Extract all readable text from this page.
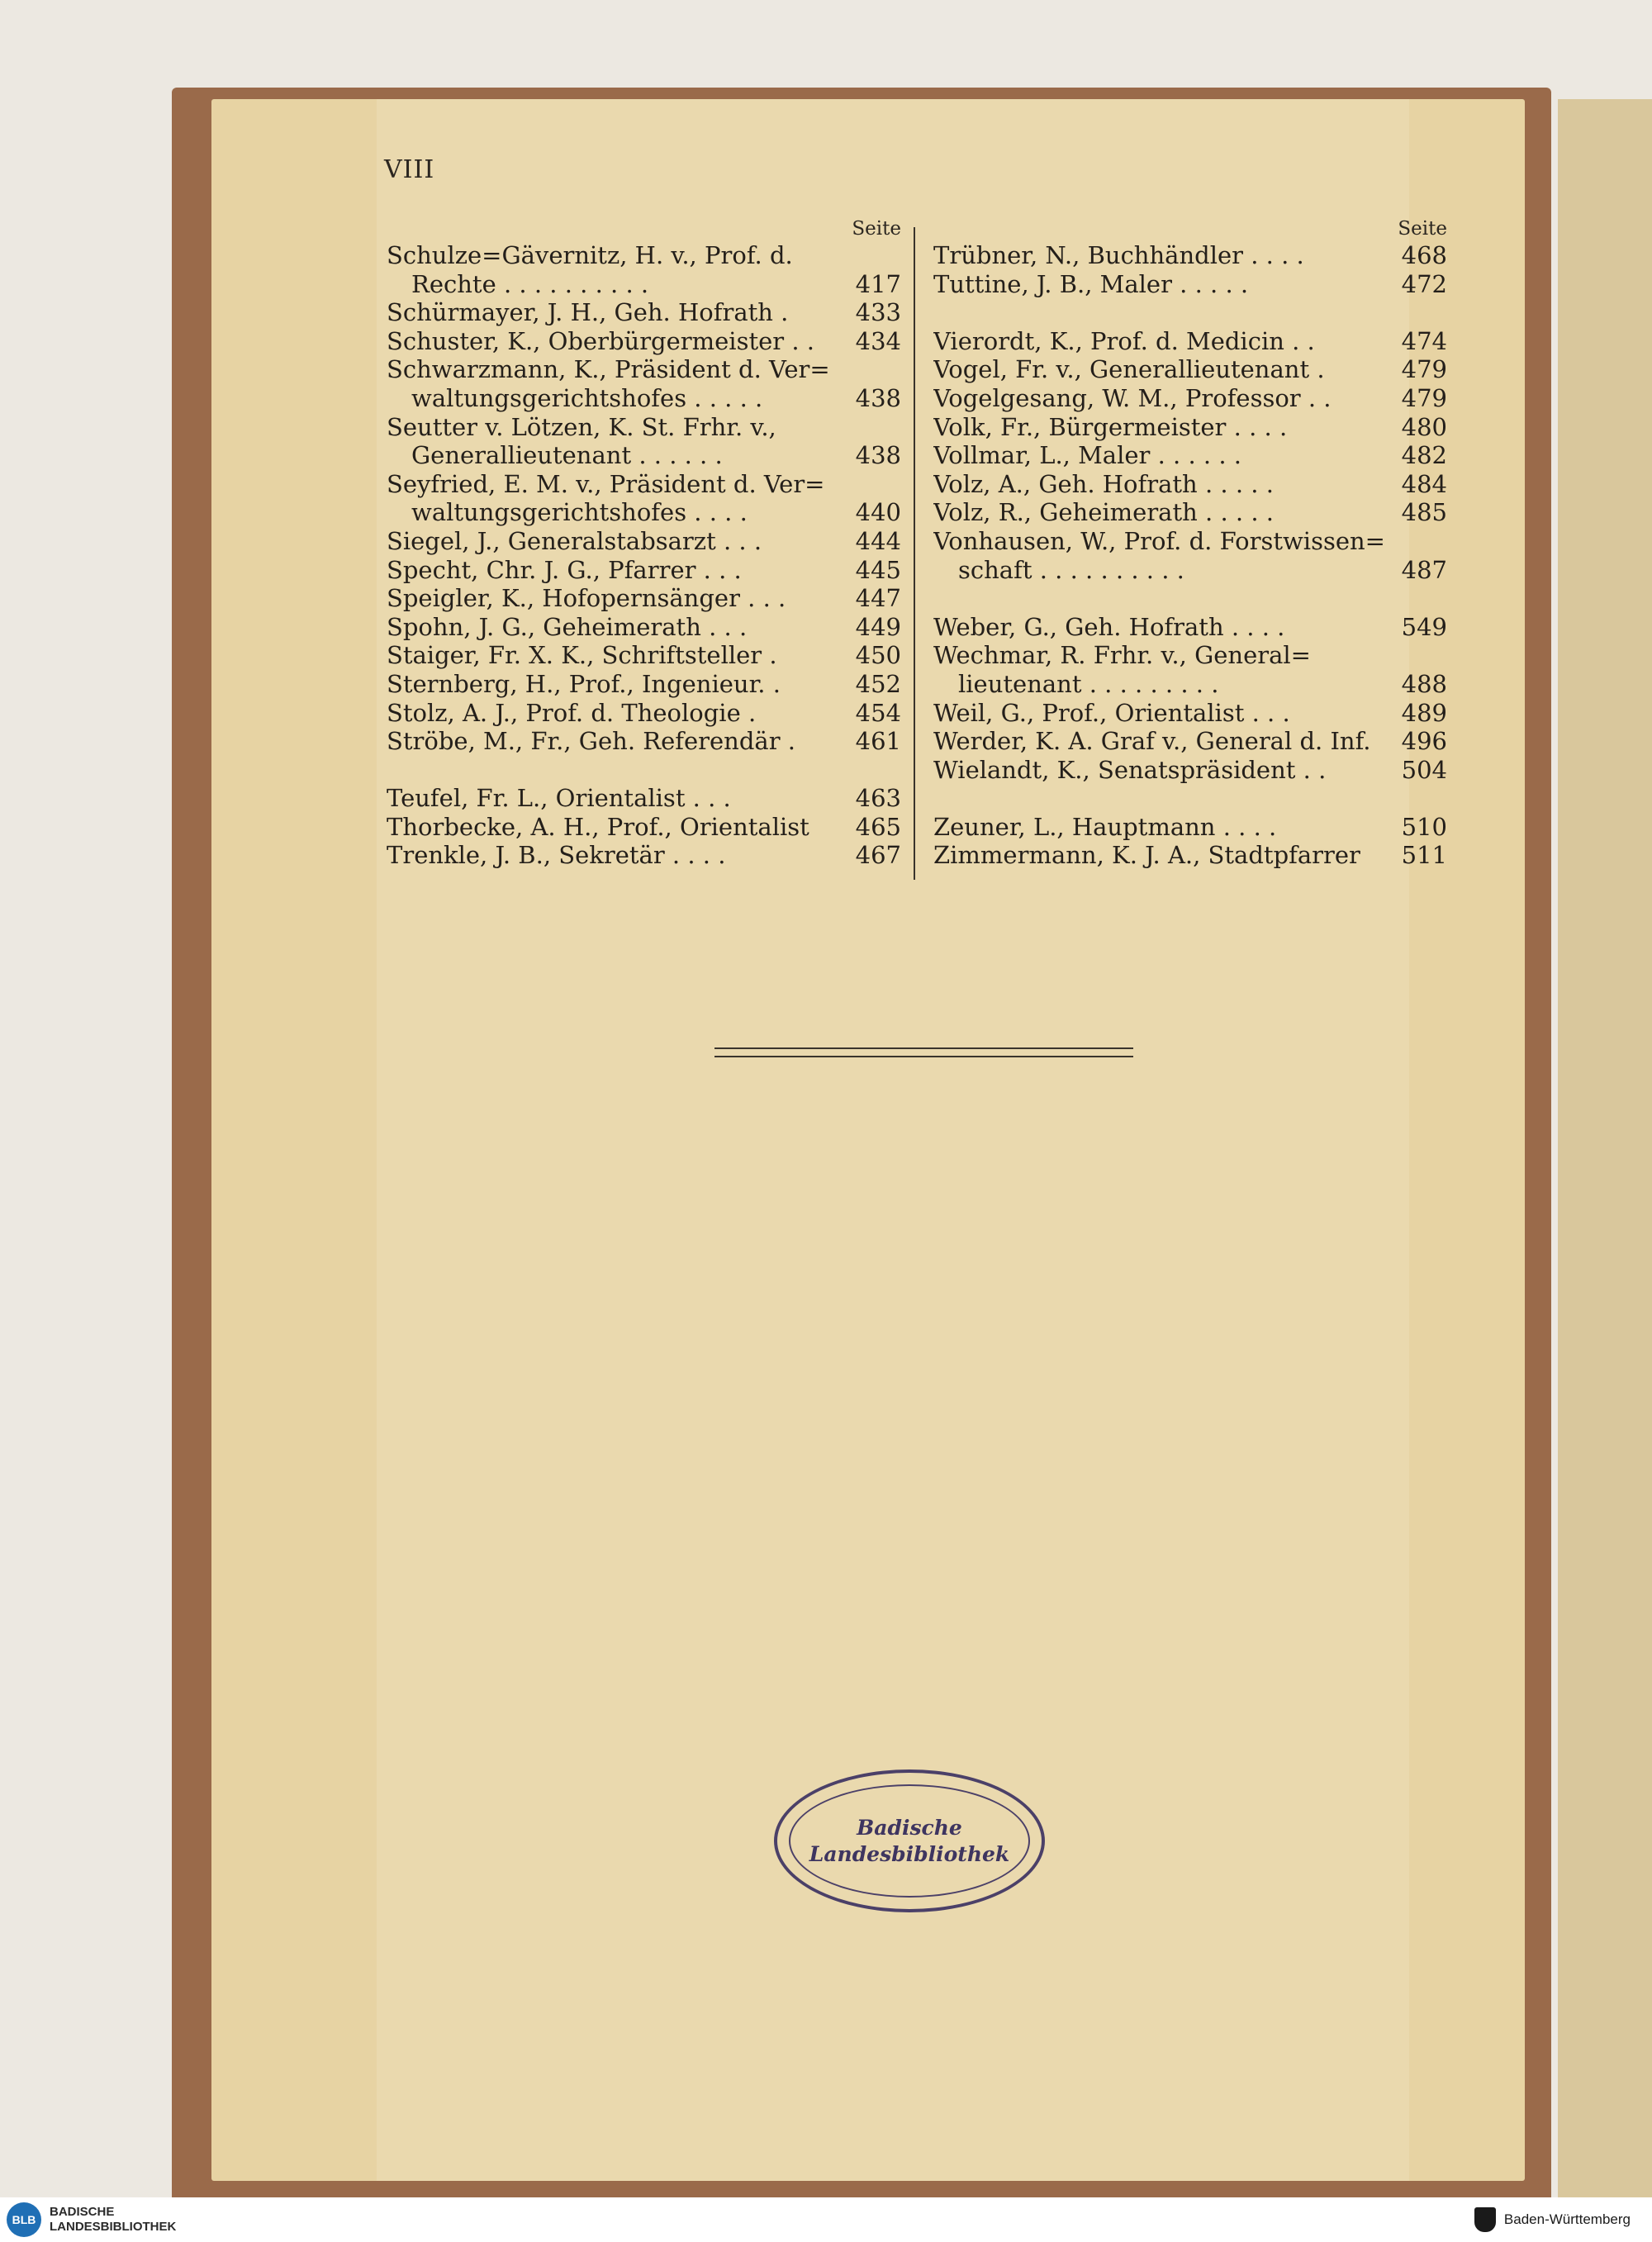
VIII
Seite
Schulze=Gävernitz, H. v., Prof. d.
Rechte . . . . . . . . . .	417
Schürmayer, J. H., Geh. Hofrath .	433
Schuster, K., Oberbürgermeister . .	434
Schwarzmann, K., Präsident d. Ver=
waltungsgerichtshofes . . . . .	438
Seutter v. Lötzen, K. St. Frhr. v.,
Generallieutenant . . . . . .	438
Seyfried, E. M. v., Präsident d. Ver=
waltungsgerichtshofes . . . .	440
Siegel, J., Generalstabsarzt . . .	444
Specht, Chr. J. G., Pfarrer . . .	445
Speigler, K., Hofopernsänger . . .	447
Spohn, J. G., Geheimerath . . .	449
Staiger, Fr. X. K., Schriftsteller .	450
Sternberg, H., Prof., Ingenieur. .	452
Stolz, A. J., Prof. d. Theologie .	454
Ströbe, M., Fr., Geh. Referendär .	461
Teufel, Fr. L., Orientalist . . .	463
Thorbecke, A. H., Prof., Orientalist	465
Trenkle, J. B., Sekretär . . . .	467
Seite
Trübner, N., Buchhändler . . . .	468
Tuttine, J. B., Maler . . . . .	472
Vierordt, K., Prof. d. Medicin . .	474
Vogel, Fr. v., Generallieutenant .	479
Vogelgesang, W. M., Professor . .	479
Volk, Fr., Bürgermeister . . . .	480
Vollmar, L., Maler . . . . . .	482
Volz, A., Geh. Hofrath . . . . .	484
Volz, R., Geheimerath . . . . .	485
Vonhausen, W., Prof. d. Forstwissen=
schaft . . . . . . . . . .	487
Weber, G., Geh. Hofrath . . . .	549
Wechmar, R. Frhr. v., General=
lieutenant . . . . . . . . .	488
Weil, G., Prof., Orientalist . . .	489
Werder, K. A. Graf v., General d. Inf.	496
Wielandt, K., Senatspräsident . .	504
Zeuner, L., Hauptmann . . . .	510
Zimmermann, K. J. A., Stadtpfarrer	511
Badische
Landesbibliothek
BLB
BADISCHE
LANDESBIBLIOTHEK	Baden-Württemberg
